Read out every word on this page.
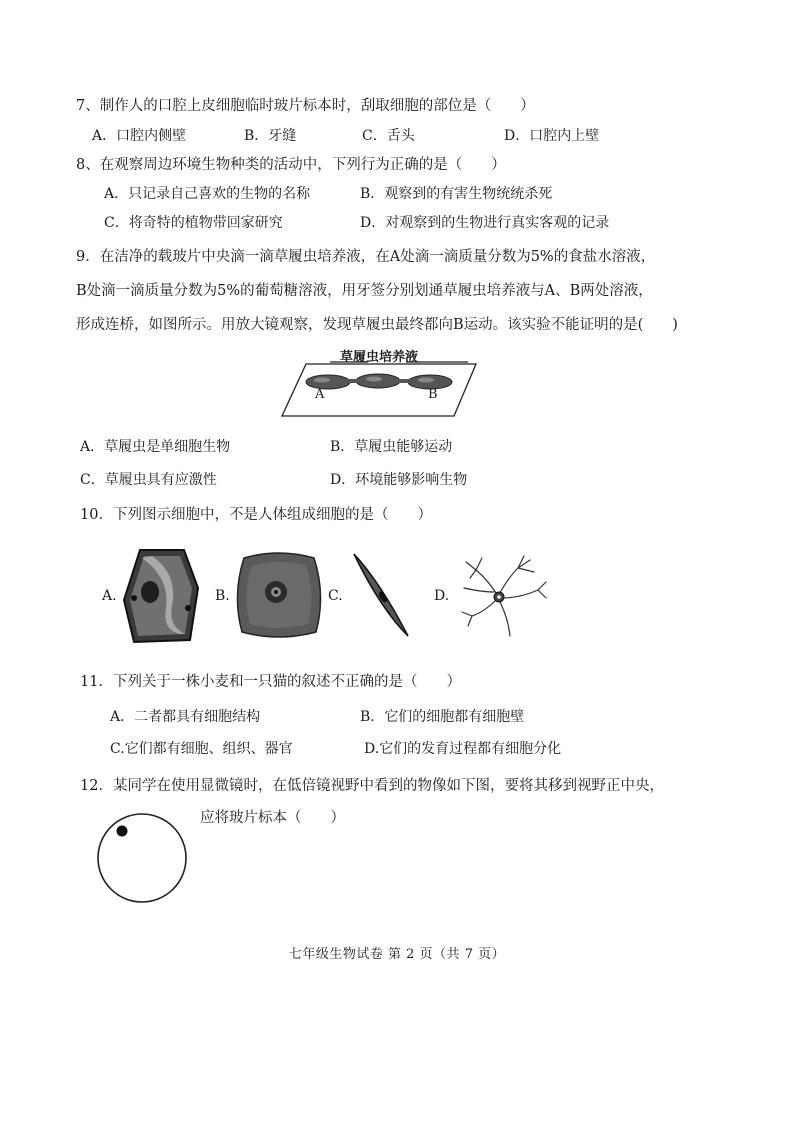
7、制作人的口腔上皮细胞临时玻片标本时，刮取细胞的部位是（　　）
A．口腔内侧壁	B．牙缝	C．舌头	D．口腔内上壁
8、在观察周边环境生物种类的活动中，下列行为正确的是（　　）
A．只记录自己喜欢的生物的名称	B．观察到的有害生物统统杀死
C．将奇特的植物带回家研究	D．对观察到的生物进行真实客观的记录
9．在洁净的载玻片中央滴一滴草履虫培养液，在A处滴一滴质量分数为5%的食盐水溶液，
B处滴一滴质量分数为5%的葡萄糖溶液，用牙签分别划通草履虫培养液与A、B两处溶液，
形成连桥，如图所示。用放大镜观察，发现草履虫最终都向B运动。该实验不能证明的是(　　)
草履虫培养液
A	B
A．草履虫是单细胞生物	B．草履虫能够运动
C．草履虫具有应激性	D．环境能够影响生物
10．下列图示细胞中，不是人体组成细胞的是（　　）
A.	B.	C.	D.
11．下列关于一株小麦和一只猫的叙述不正确的是（　　）
A．二者都具有细胞结构	B．它们的细胞都有细胞壁
C.它们都有细胞、组织、器官	D.它们的发育过程都有细胞分化
12．某同学在使用显微镜时，在低倍镜视野中看到的物像如下图，要将其移到视野正中央，
应将玻片标本（　　）
七年级生物试卷 第 2 页（共 7 页）
